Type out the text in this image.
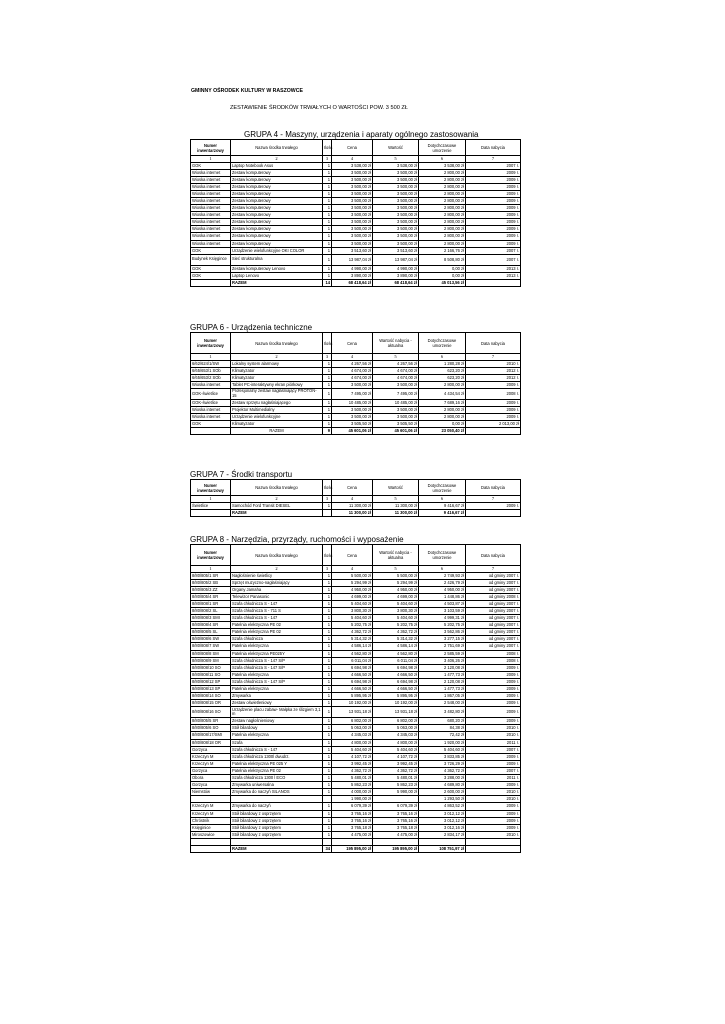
GMINNY OŚRODEK KULTURY W RASZOWCE
ZESTAWIENIE ŚRODKÓW TRWAŁYCH O WARTOŚCI POW. 3 500 ZŁ
GRUPA 4 - Maszyny, urządzenia i aparaty ogólnego zastosowania
Numer inwentarzowy	Nazwa środka trwałego	Ilość	Cena	Wartość	Dotychczasowe umorzenie	Data nabycia
1	2	3	4	5	6	7
GOK	Laptop Notebook Asus	1	3 538,00 zł	3 538,00 zł	3 538,00 zł	2007 r.
Wioska internet	Zestaw komputerowy	1	3 500,00 zł	3 500,00 zł	2 800,00 zł	2009 r.
Wioska internet	Zestaw komputerowy	1	3 500,00 zł	3 500,00 zł	2 800,00 zł	2009 r.
Wioska internet	Zestaw komputerowy	1	3 500,00 zł	3 500,00 zł	2 800,00 zł	2009 r.
Wioska internet	Zestaw komputerowy	1	3 500,00 zł	3 500,00 zł	2 800,00 zł	2009 r.
Wioska internet	Zestaw komputerowy	1	3 500,00 zł	3 500,00 zł	2 800,00 zł	2009 r.
Wioska internet	Zestaw komputerowy	1	3 500,00 zł	3 500,00 zł	2 800,00 zł	2009 r.
Wioska internet	Zestaw komputerowy	1	3 500,00 zł	3 500,00 zł	2 800,00 zł	2009 r.
Wioska internet	Zestaw komputerowy	1	3 500,00 zł	3 500,00 zł	2 800,00 zł	2009 r.
Wioska internet	Zestaw komputerowy	1	3 500,00 zł	3 500,00 zł	2 800,00 zł	2009 r.
Wioska internet	Zestaw komputerowy	1	3 500,00 zł	3 500,00 zł	2 800,00 zł	2009 r.
Wioska internet	Zestaw komputerowy	1	3 500,00 zł	3 500,00 zł	2 800,00 zł	2009 r.
GOK	Urządzenie wielofunkcyjne OKI COLOR	1	3 513,60 zł	3 513,60 zł	2 166,76 zł	2007 r.
Budynek Księgince	Sieć strukturalna	1	13 987,04 zł	13 987,04 zł	8 508,80 zł	2007 r.
GOK	Zestaw komputerowy Lenovo	1	4 990,00 zł	4 990,00 zł	0,00 zł	2013 r.
GOK	Laptop Lenovo	1	3 890,00 zł	3 890,00 zł	0,00 zł	2013 r.
	RAZEM	14	68 418,64 zł	68 418,64 zł	45 013,56 zł	
GRUPA 6 - Urządzenia techniczne
Numer inwentarzowy	Nazwa środka trwałego	Ilość	Cena	Wartość nabycia - aktualna	Dotychczasowe umorzenie	Data nabycia
1	2	3	4	5	6	7
6/62/624/1/SW	Lokalny system alarmowy	1	4 267,56 zł	4 267,56 zł	1 280,28 zł	2010 r.
6/65/653/1 SOb	Klimatyzator	1	4 674,00 zł	4 674,00 zł	623,20 zł	2012 r.
6/65/653/2 SOb	Klimatyzator	1	4 674,00 zł	4 674,00 zł	623,20 zł	2012 r.
Wioska internet	Tablet PC-interaktywny ekran piórkowy	1	3 500,00 zł	3 500,00 zł	2 800,00 zł	2009 r.
GOK-świetlice	Profesjonalny zestaw nagłaśniający PROTON-15	1	7 495,00 zł	7 495,00 zł	4 434,54 zł	2008 r.
GOK-świetlice	Zestaw sprzętu nagłaśniającego	1	10 485,00 zł	10 485,00 zł	7 689,16 zł	2009 r.
Wioska internet	Projektor Multimedialny	1	3 500,00 zł	3 500,00 zł	2 800,00 zł	2009 r.
Wioska internet	Urządzenie wielofunkcyjne	1	3 500,00 zł	3 500,00 zł	2 800,00 zł	2009 r.
GOK	Klimatyzator	1	3 505,50 zł	3 505,50 zł	0,00 zł	2 013,00 zł
	RAZEM	9	45 601,06 zł	45 601,06 zł	23 050,40 zł	
GRUPA 7 - Środki transportu
Numer inwentarzowy	Nazwa środka trwałego	Ilość	Cena	Wartość	Dotychczasowe umorzenie	Data nabycia
1	2	3	4	5	6	7
Świetlice	Samochód Ford Transit DIESEL	1	11 300,00 zł	11 300,00 zł	9 416,67 zł	2009 r.
	RAZEM		11 300,00 zł	11 300,00 zł	9 416,67 zł	
GRUPA 8 - Narzędzia, przyrządy, ruchomości i wyposażenie
Numer inwentarzowy	Nazwa środka trwałego	Ilość	Cena	Wartość nabycia - aktualna	Dotychczasowe umorzenie	Data nabycia
1	2	3	4	5	6	7
8/80/805/1 SR	Nagłośnienie świetlicy	1	5 500,00 zł	5 500,00 zł	2 749,93 zł	od gminy 2007 r.
8/80/805/2 SB	Sprzęt muzyczno-nagłaśniający	1	5 294,99 zł	5 294,99 zł	2 426,79 zł	od gminy 2007 r.
8/80/805/3 ZZ	Organy Jamaha	1	4 950,00 zł	4 950,00 zł	4 950,00 zł	od gminy 2007 r.
8/80/805/4 SR	Telewizor Panasonic	1	4 699,00 zł	4 699,00 zł	1 448,86 zł	od gminy 2008 r.
8/80/808/1 SR	Szafa chłodnicza S - 147	1	5 404,60 zł	5 404,60 zł	4 503,87 zł	od gminy 2007 r.
8/80/808/2 SL	Szafa chłodnicza S - 711 S	1	3 800,30 zł	3 800,30 zł	3 103,59 zł	od gminy 2007 r.
8/80/808/3 SMI	Szafa chłodnicza S - 147	1	5 404,60 zł	5 404,60 zł	4 999,31 zł	od gminy 2007 r.
8/80/808/4 SR	Patelnia elektryczna PE 02	1	5 202,75 zł	5 202,75 zł	5 202,75 zł	od gminy 2007 r.
8/80/808/5 SL	Patelnia elektryczna PE 02	1	4 362,72 zł	4 362,72 zł	3 562,86 zł	od gminy 2007 r.
8/80/808/6 SW	Szafa chłodnicza	1	5 314,32 zł	5 314,32 zł	3 277,15 zł	od gminy 2007 r.
8/80/808/7 SW	Patelnia elektryczna	1	4 586,14 zł	4 586,14 zł	2 751,69 zł	od gminy 2007 r.
8/80/808/8 SM	Patelnia elektryczna PE025Y	1	4 562,80 zł	4 562,80 zł	2 585,59 zł	2008 r.
8/80/808/9 SM	Szafa chłodnicza S - 147 S/P	1	6 011,04 zł	6 011,04 zł	3 406,26 zł	2008 r.
8/80/808/10 SO	Szafa chłodnicza S - 147 S/P	1	6 694,98 zł	6 694,98 zł	2 120,08 zł	2009 r.
8/80/808/11 SO	Patelnia elektryczna	1	4 666,50 zł	4 666,50 zł	1 477,73 zł	2009 r.
8/80/808/12 SP	Szafa chłodnicza S - 147 S/P	1	6 694,98 zł	6 694,98 zł	2 120,08 zł	2009 r.
8/80/808/13 SP	Patelnia elektryczna	1	4 666,50 zł	4 666,50 zł	1 477,73 zł	2009 r.
8/80/808/14 SO	Zmywarka	1	5 895,95 zł	5 895,95 zł	1 867,05 zł	2009 r.
8/80/808/15 OR	Zestaw oświetleniowy	1	10 192,00 zł	10 192,00 zł	2 548,00 zł	2009 r.
8/80/808/16 SO	Urządzenie placu zabaw- Małpka ze ślizgiem 3,1 m	1	13 931,18 zł	13 931,18 zł	3 482,80 zł	2009 r.
8/80/805/5 SR	Zestaw nagłośnieniowy	1	6 802,00 zł	6 802,00 zł	680,20 zł	2009 r.
8/80/805/6 SO	Stół bilardowy	1	5 063,00 zł	5 063,00 zł	84,38 zł	2010 r.
8/80/808/17/SMI	Patelnia elektryczna	1	4 345,03 zł	4 345,03 zł	72,42 zł	2010 r.
8/80/808/18 OR	Szafa	1	4 800,00 zł	4 800,00 zł	1 920,00 zł	2011 r.
Gorzyca	Szafa chłodnicza S - 147	1	5 404,60 zł	5 404,60 zł	5 404,60 zł	2007 r.
Krzeczyn M	Szafa chłodnicza 1300l dwudrz.	1	4 107,72 zł	4 107,72 zł	3 833,85 zł	2009 r.
Krzeczyn M	Patelnia elektryczna PE 025 Y	1	3 992,45 zł	3 992,45 zł	3 726,29 zł	2009 r.
Gorzyca	Patelnia elektryczna PE 02	1	4 362,72 zł	4 362,72 zł	4 362,72 zł	2007 r.
Obora	Szafa chłodnicza 1300 l ECO	1	5 480,01 zł	5 480,01 zł	3 288,00 zł	2011 r.
Gorzyca	Zmywarka uniwersalna	1	5 862,23 zł	5 862,23 zł	4 689,80 zł	2009 r.
Niemstów	Zmywarka do naczyń SILANOS	1	4 000,00 zł	5 990,00 zł	2 600,00 zł	2010 r.
			1 990,00 zł		1 293,50 zł	2010 r.
Krzeczyn M	Zmywarka do naczyń	1	6 079,39 zł	6 079,39 zł	4 863,52 zł	2009 r.
Krzeczyn M	Stół bilardowy z osprzętem	1	3 765,16 zł	3 765,16 zł	3 012,12 zł	2009 r.
Chróstnik	Stół bilardowy z osprzętem	1	3 765,16 zł	3 765,16 zł	3 012,12 zł	2009 r.
Księginice	Stół bilardowy z osprzętem	1	3 765,18 zł	3 765,18 zł	3 012,16 zł	2009 r.
Miroszowice	Stół bilardowy z osprzętem	1	4 475,00 zł	4 475,00 zł	2 834,17 zł	2010 r.

	RAZEM	34	195 895,00 zł	195 895,00 zł	108 751,97 zł	
